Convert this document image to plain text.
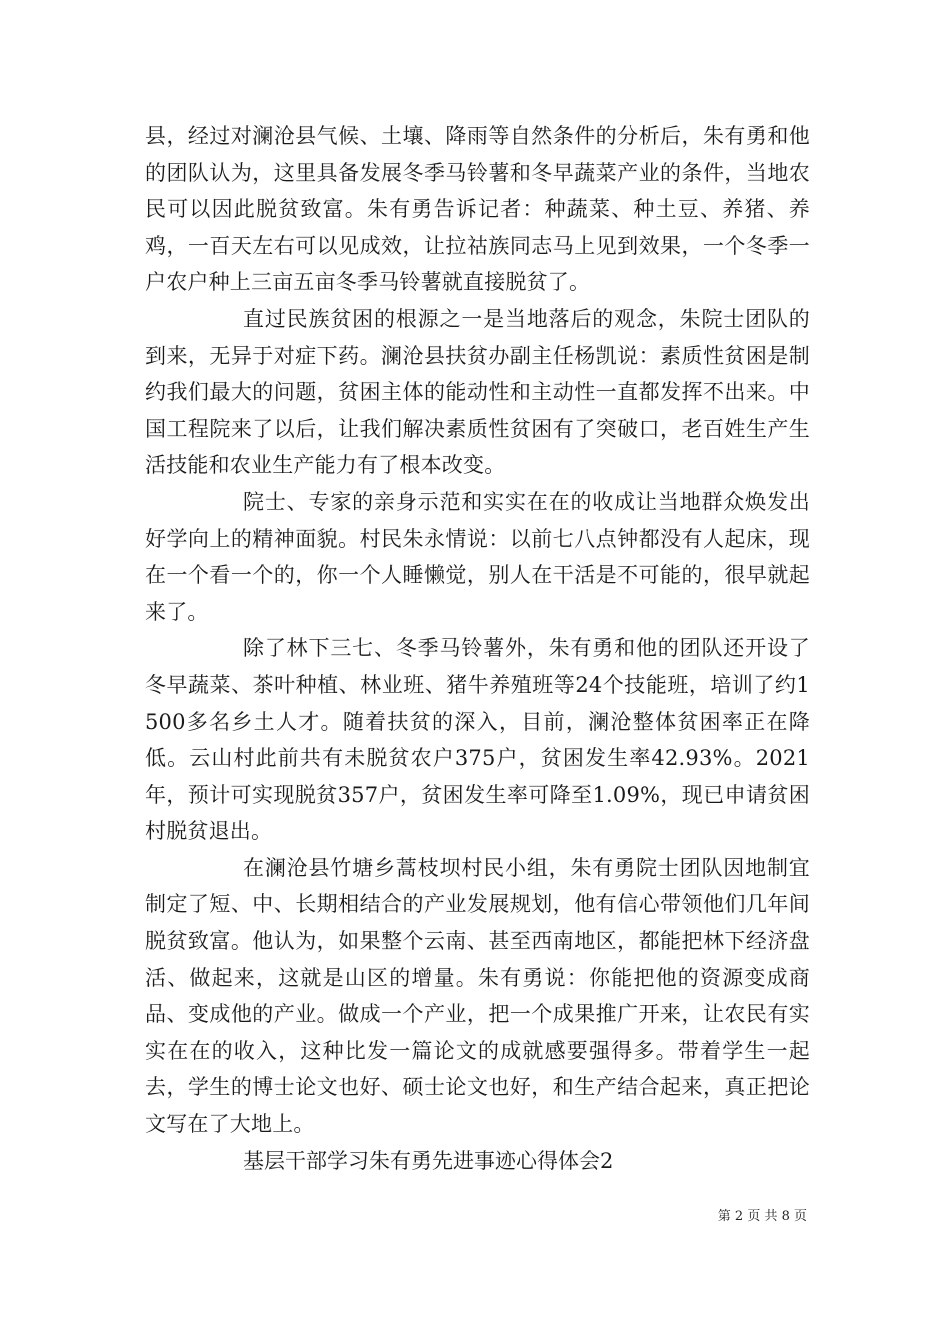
县，经过对澜沧县气候、土壤、降雨等自然条件的分析后，朱有勇和他的团队认为，这里具备发展冬季马铃薯和冬早蔬菜产业的条件，当地农民可以因此脱贫致富。朱有勇告诉记者：种蔬菜、种土豆、养猪、养鸡，一百天左右可以见成效，让拉祜族同志马上见到效果，一个冬季一户农户种上三亩五亩冬季马铃薯就直接脱贫了。

直过民族贫困的根源之一是当地落后的观念，朱院士团队的到来，无异于对症下药。澜沧县扶贫办副主任杨凯说：素质性贫困是制约我们最大的问题，贫困主体的能动性和主动性一直都发挥不出来。中国工程院来了以后，让我们解决素质性贫困有了突破口，老百姓生产生活技能和农业生产能力有了根本改变。

院士、专家的亲身示范和实实在在的收成让当地群众焕发出好学向上的精神面貌。村民朱永情说：以前七八点钟都没有人起床，现在一个看一个的，你一个人睡懒觉，别人在干活是不可能的，很早就起来了。

除了林下三七、冬季马铃薯外，朱有勇和他的团队还开设了冬早蔬菜、茶叶种植、林业班、猪牛养殖班等24个技能班，培训了约1500多名乡土人才。随着扶贫的深入，目前，澜沧整体贫困率正在降低。云山村此前共有未脱贫农户375户，贫困发生率42.93%。2021年，预计可实现脱贫357户，贫困发生率可降至1.09%，现已申请贫困村脱贫退出。

在澜沧县竹塘乡蒿枝坝村民小组，朱有勇院士团队因地制宜制定了短、中、长期相结合的产业发展规划，他有信心带领他们几年间脱贫致富。他认为，如果整个云南、甚至西南地区，都能把林下经济盘活、做起来，这就是山区的增量。朱有勇说：你能把他的资源变成商品、变成他的产业。做成一个产业，把一个成果推广开来，让农民有实实在在的收入，这种比发一篇论文的成就感要强得多。带着学生一起去，学生的博士论文也好、硕士论文也好，和生产结合起来，真正把论文写在了大地上。

基层干部学习朱有勇先进事迹心得体会2

第 2 页 共 8 页
